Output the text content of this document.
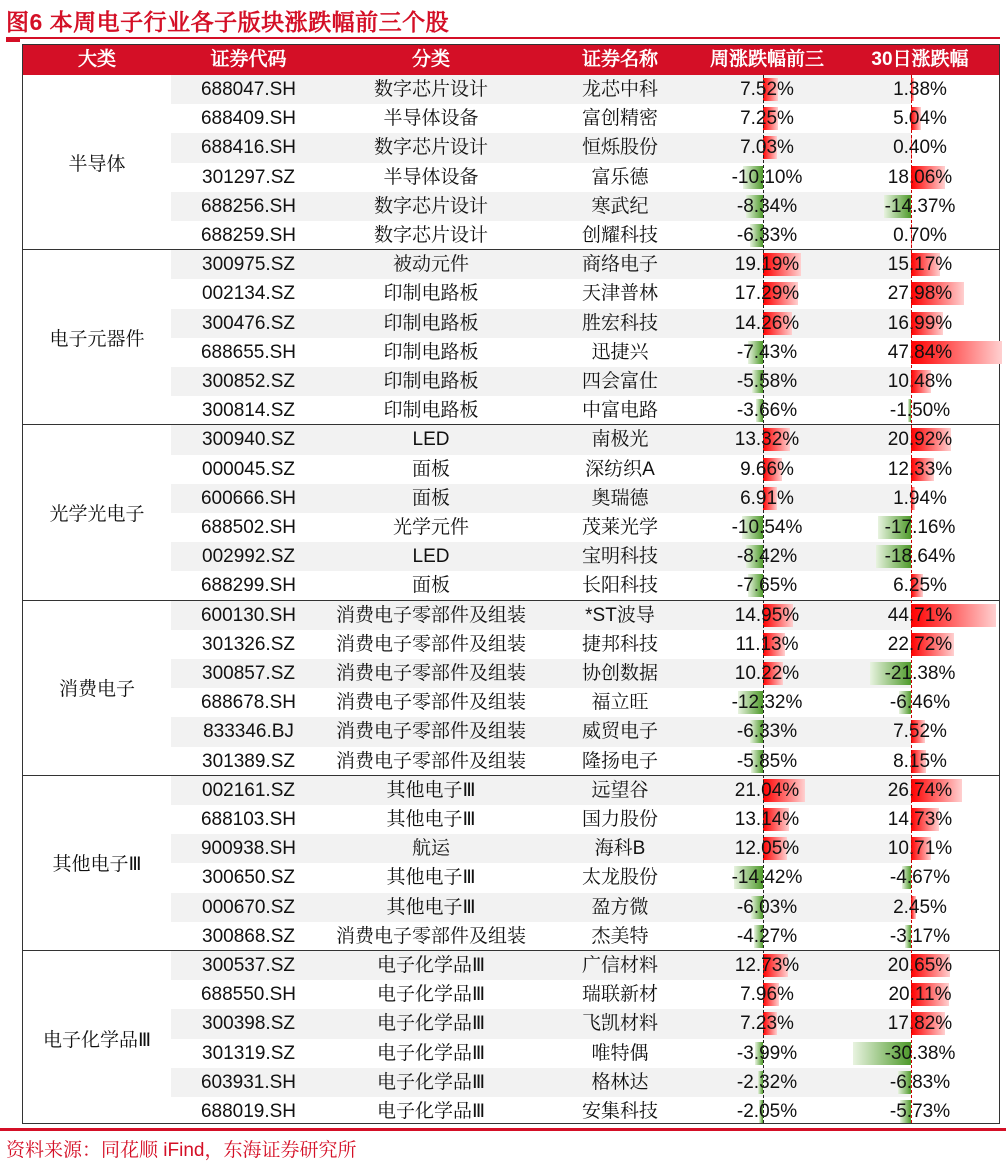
图6 本周电子行业各子版块涨跌幅前三个股
大类	证券代码	分类	证券名称	周涨跌幅前三	30日涨跌幅
半导体
688047.SH	数字芯片设计	龙芯中科	7.52%	1.38%
688409.SH	半导体设备	富创精密	7.25%	5.04%
688416.SH	数字芯片设计	恒烁股份	7.03%	0.40%
301297.SZ	半导体设备	富乐德	-10.10%	18.06%
688256.SH	数字芯片设计	寒武纪	-8.34%	-14.37%
688259.SH	数字芯片设计	创耀科技	-6.33%	0.70%
电子元器件
300975.SZ	被动元件	商络电子	19.19%	15.17%
002134.SZ	印制电路板	天津普林	17.29%	27.98%
300476.SZ	印制电路板	胜宏科技	14.26%	16.99%
688655.SH	印制电路板	迅捷兴	-7.43%	47.84%
300852.SZ	印制电路板	四会富仕	-5.58%	10.48%
300814.SZ	印制电路板	中富电路	-3.66%	-1.50%
光学光电子
300940.SZ	LED	南极光	13.32%	20.92%
000045.SZ	面板	深纺织A	9.66%	12.33%
600666.SH	面板	奥瑞德	6.91%	1.94%
688502.SH	光学元件	茂莱光学	-10.54%	-17.16%
002992.SZ	LED	宝明科技	-8.42%	-18.64%
688299.SH	面板	长阳科技	-7.65%	6.25%
消费电子
600130.SH	消费电子零部件及组装	*ST波导	14.95%	44.71%
301326.SZ	消费电子零部件及组装	捷邦科技	11.13%	22.72%
300857.SZ	消费电子零部件及组装	协创数据	10.22%	-21.38%
688678.SH	消费电子零部件及组装	福立旺	-12.32%	-6.46%
833346.BJ	消费电子零部件及组装	威贸电子	-6.33%	7.52%
301389.SZ	消费电子零部件及组装	隆扬电子	-5.85%	8.15%
其他电子Ⅲ
002161.SZ	其他电子Ⅲ	远望谷	21.04%	26.74%
688103.SH	其他电子Ⅲ	国力股份	13.14%	14.73%
900938.SH	航运	海科B	12.05%	10.71%
300650.SZ	其他电子Ⅲ	太龙股份	-14.42%	-4.67%
000670.SZ	其他电子Ⅲ	盈方微	-6.03%	2.45%
300868.SZ	消费电子零部件及组装	杰美特	-4.27%	-3.17%
电子化学品Ⅲ
300537.SZ	电子化学品Ⅲ	广信材料	12.73%	20.65%
688550.SH	电子化学品Ⅲ	瑞联新材	7.96%	20.11%
300398.SZ	电子化学品Ⅲ	飞凯材料	7.23%	17.82%
301319.SZ	电子化学品Ⅲ	唯特偶	-3.99%	-30.38%
603931.SH	电子化学品Ⅲ	格林达	-2.32%	-6.83%
688019.SH	电子化学品Ⅲ	安集科技	-2.05%	-5.73%
资料来源：同花顺 iFind，东海证券研究所
